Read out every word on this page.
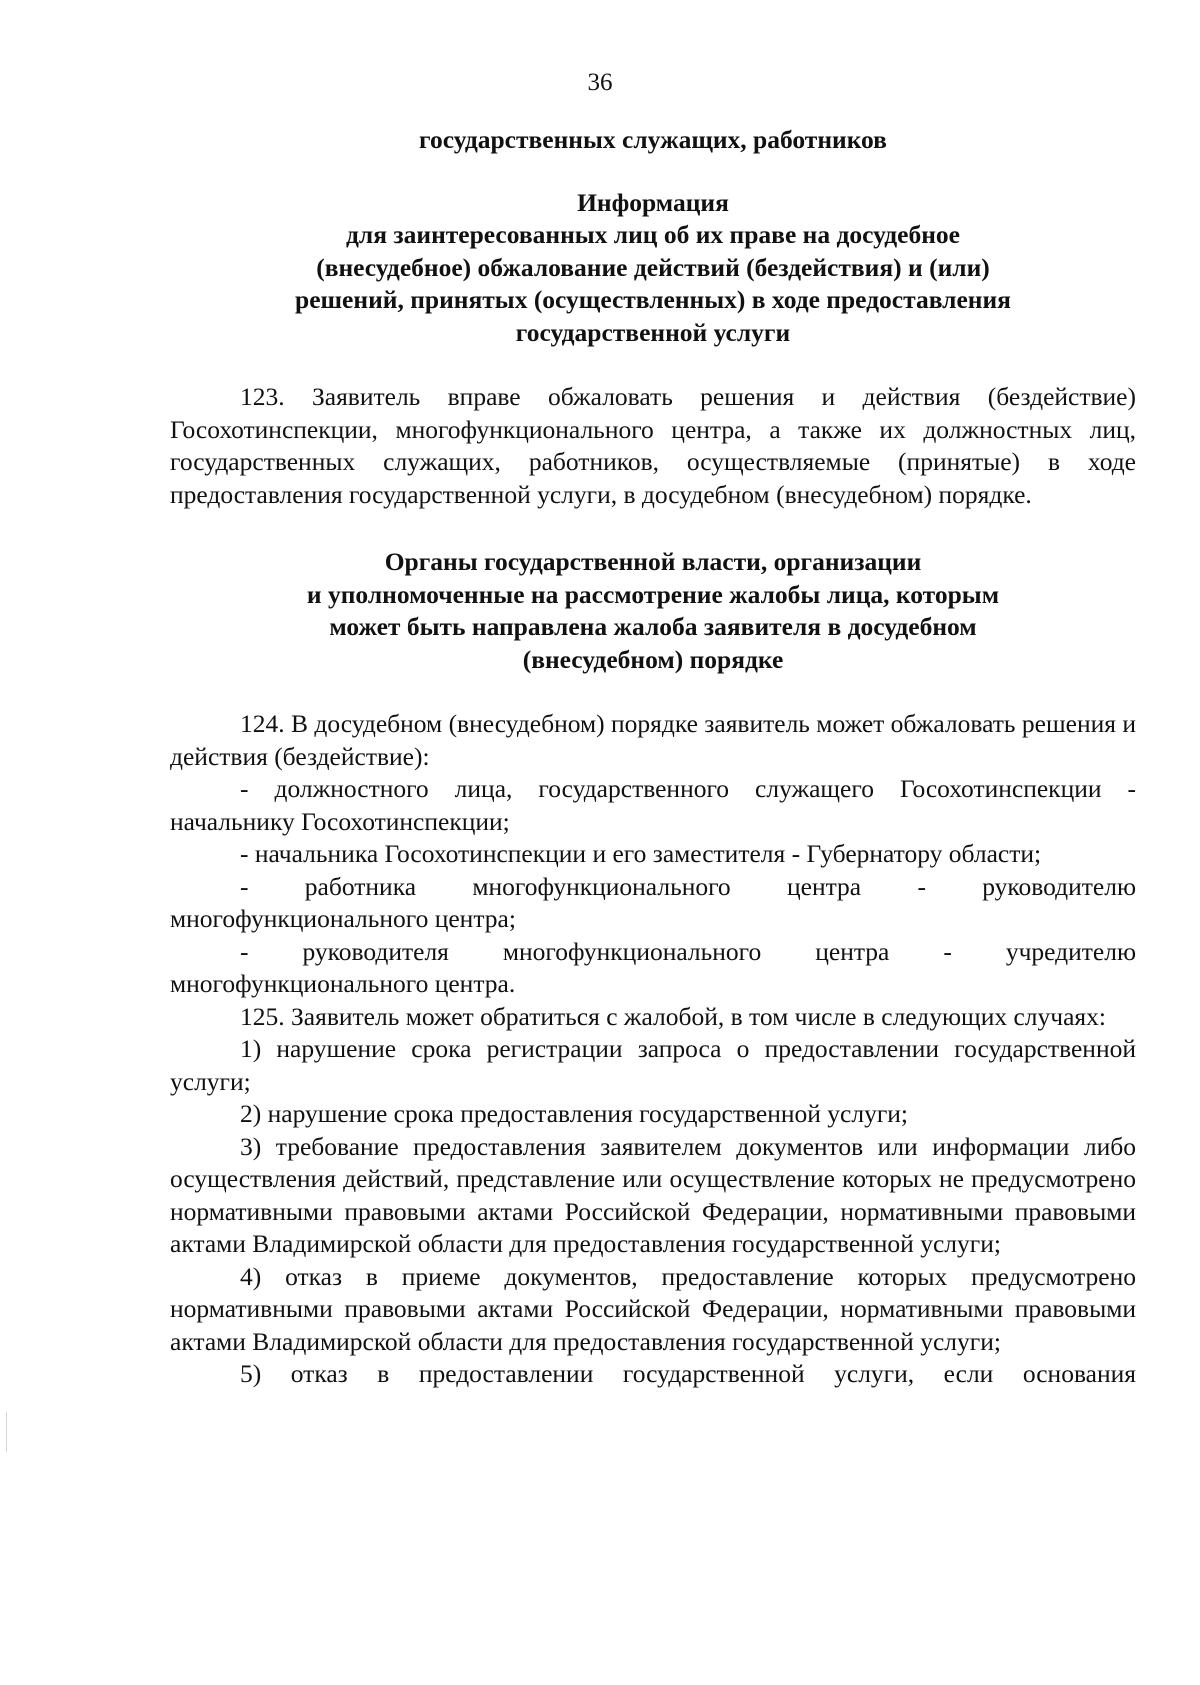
36
государственных служащих, работников
Информация
для заинтересованных лиц об их праве на досудебное
(внесудебное) обжалование действий (бездействия) и (или)
решений, принятых (осуществленных) в ходе предоставления
государственной услуги

123. Заявитель вправе обжаловать решения и действия (бездействие) Госохотинспекции, многофункционального центра, а также их должностных лиц, государственных служащих, работников, осуществляемые (принятые) в ходе предоставления государственной услуги, в досудебном (внесудебном) порядке.

Органы государственной власти, организации
и уполномоченные на рассмотрение жалобы лица, которым
может быть направлена жалоба заявителя в досудебном
(внесудебном) порядке

124. В досудебном (внесудебном) порядке заявитель может обжаловать решения и действия (бездействие):

- должностного лица, государственного служащего Госохотинспекции - начальнику Госохотинспекции;

- начальника Госохотинспекции и его заместителя - Губернатору области;

- работника многофункционального центра - руководителю многофункционального центра;

- руководителя многофункционального центра - учредителю многофункционального центра.

125. Заявитель может обратиться с жалобой, в том числе в следующих случаях:

1) нарушение срока регистрации запроса о предоставлении государственной услуги;

2) нарушение срока предоставления государственной услуги;

3) требование предоставления заявителем документов или информации либо осуществления действий, представление или осуществление которых не предусмотрено нормативными правовыми актами Российской Федерации, нормативными правовыми актами Владимирской области для предоставления государственной услуги;

4) отказ в приеме документов, предоставление которых предусмотрено нормативными правовыми актами Российской Федерации, нормативными правовыми актами Владимирской области для предоставления государственной услуги;

5) отказ в предоставлении государственной услуги, если основания
